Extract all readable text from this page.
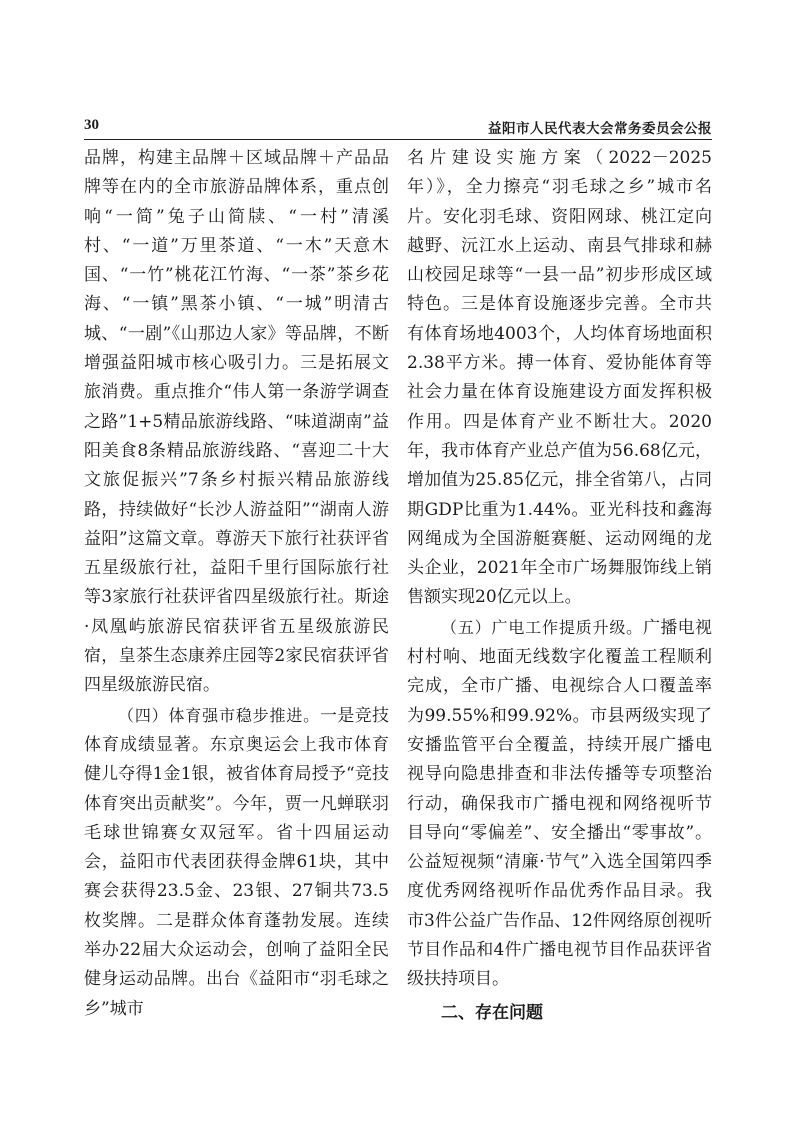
30	益阳市人民代表大会常务委员会公报

品牌，构建主品牌＋区域品牌＋产品品牌等在内的全市旅游品牌体系，重点创响“一简”兔子山简牍、“一村”清溪村、“一道”万里茶道、“一木”天意木国、“一竹”桃花江竹海、“一茶”茶乡花海、“一镇”黑茶小镇、“一城”明清古城、“一剧”《山那边人家》等品牌，不断增强益阳城市核心吸引力。三是拓展文旅消费。重点推介“伟人第一条游学调查之路”1+5精品旅游线路、“味道湖南”益阳美食8条精品旅游线路、“喜迎二十大 文旅促振兴”7条乡村振兴精品旅游线路，持续做好“长沙人游益阳”“湖南人游益阳”这篇文章。尊游天下旅行社获评省五星级旅行社，益阳千里行国际旅行社等3家旅行社获评省四星级旅行社。斯途·凤凰屿旅游民宿获评省五星级旅游民宿，皇茶生态康养庄园等2家民宿获评省四星级旅游民宿。

（四）体育强市稳步推进。一是竞技体育成绩显著。东京奥运会上我市体育健儿夺得1金1银，被省体育局授予“竞技体育突出贡献奖”。今年，贾一凡蝉联羽毛球世锦赛女双冠军。省十四届运动会，益阳市代表团获得金牌61块，其中赛会获得23.5金、23银、27铜共73.5枚奖牌。二是群众体育蓬勃发展。连续举办22届大众运动会，创响了益阳全民健身运动品牌。出台《益阳市“羽毛球之乡”城市

名片建设实施方案（2022－2025年）》，全力擦亮“羽毛球之乡”城市名片。安化羽毛球、资阳网球、桃江定向越野、沅江水上运动、南县气排球和赫山校园足球等“一县一品”初步形成区域特色。三是体育设施逐步完善。全市共有体育场地4003个，人均体育场地面积2.38平方米。搏一体育、爱协能体育等社会力量在体育设施建设方面发挥积极作用。四是体育产业不断壮大。2020年，我市体育产业总产值为56.68亿元，增加值为25.85亿元，排全省第八，占同期GDP比重为1.44%。亚光科技和鑫海网绳成为全国游艇赛艇、运动网绳的龙头企业，2021年全市广场舞服饰线上销售额实现20亿元以上。

（五）广电工作提质升级。广播电视村村响、地面无线数字化覆盖工程顺利完成，全市广播、电视综合人口覆盖率为99.55%和99.92%。市县两级实现了安播监管平台全覆盖，持续开展广播电视导向隐患排查和非法传播等专项整治行动，确保我市广播电视和网络视听节目导向“零偏差”、安全播出“零事故”。公益短视频“清廉·节气”入选全国第四季度优秀网络视听作品优秀作品目录。我市3件公益广告作品、12件网络原创视听节目作品和4件广播电视节目作品获评省级扶持项目。

二、存在问题
